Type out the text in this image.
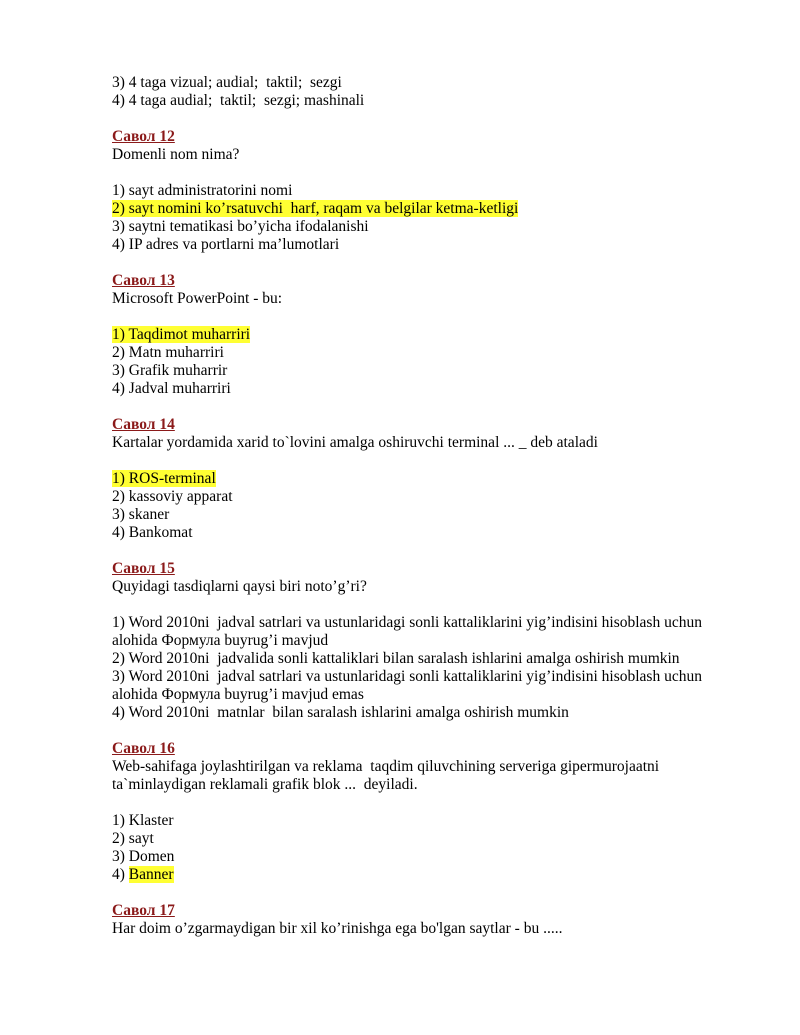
3) 4 taga vizual; audial;  taktil;  sezgi
4) 4 taga audial;  taktil;  sezgi; mashinali
Савол 12
Domenli nom nima?
1) sayt administratorini nomi
2) sayt nomini ko’rsatuvchi  harf, raqam va belgilar ketma-ketligi
3) saytni tematikasi bo’yicha ifodalanishi
4) IP adres va portlarni ma’lumotlari
Савол 13
Microsoft PowerPoint - bu:
1) Taqdimot muharriri
2) Matn muharriri
3) Grafik muharrir
4) Jadval muharriri
Савол 14
Kartalar yordamida xarid to`lovini amalga oshiruvchi terminal ... _ deb ataladi
1) ROS-terminal
2) kassoviy apparat
3) skaner
4) Bankomat
Савол 15
Quyidagi tasdiqlarni qaysi biri noto’g’ri?
1) Word 2010ni  jadval satrlari va ustunlaridagi sonli kattaliklarini yig’indisini hisoblash uchun
alohida Формула buyrug’i mavjud
2) Word 2010ni  jadvalida sonli kattaliklari bilan saralash ishlarini amalga oshirish mumkin
3) Word 2010ni  jadval satrlari va ustunlaridagi sonli kattaliklarini yig’indisini hisoblash uchun
alohida Формула buyrug’i mavjud emas
4) Word 2010ni  matnlar  bilan saralash ishlarini amalga oshirish mumkin
Савол 16
Web-sahifaga joylashtirilgan va reklama  taqdim qiluvchining serveriga gipermurojaatni
ta`minlaydigan reklamali grafik blok ...  deyiladi.
1) Klaster
2) sayt
3) Domen
4) Banner
Савол 17
Har doim o’zgarmaydigan bir xil ko’rinishga ega bo'lgan saytlar - bu .....
